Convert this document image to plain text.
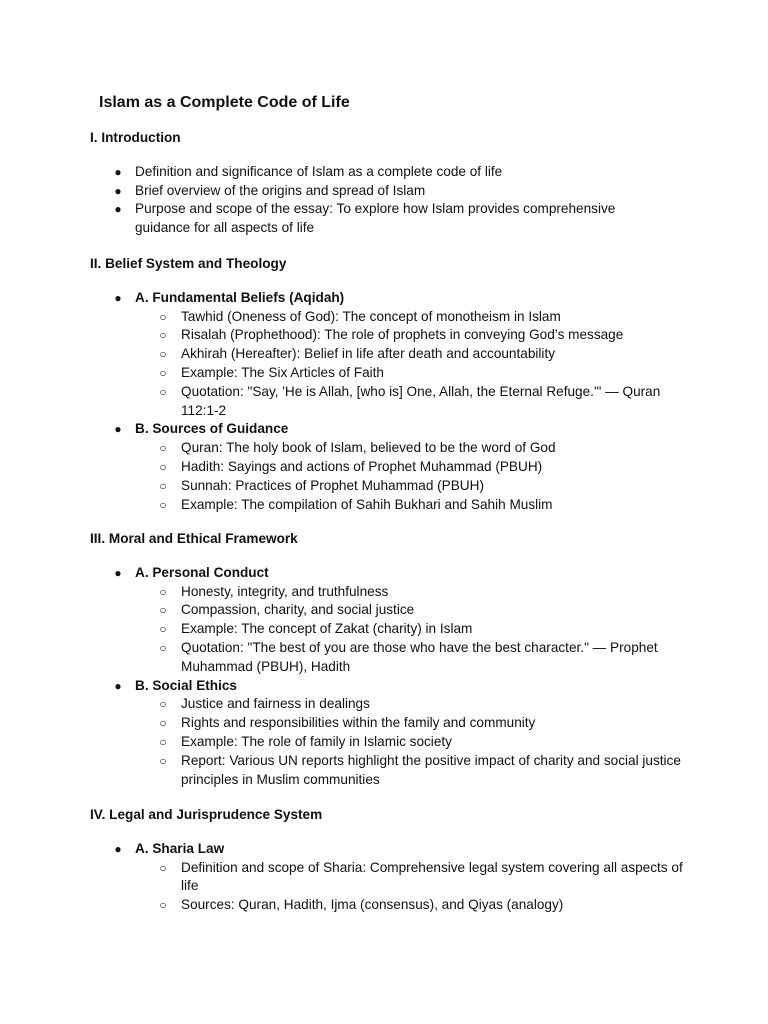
Islam as a Complete Code of Life

I. Introduction

● Definition and significance of Islam as a complete code of life
● Brief overview of the origins and spread of Islam
● Purpose and scope of the essay: To explore how Islam provides comprehensive guidance for all aspects of life

II. Belief System and Theology

● A. Fundamental Beliefs (Aqidah)
○ Tawhid (Oneness of God): The concept of monotheism in Islam
○ Risalah (Prophethood): The role of prophets in conveying God’s message
○ Akhirah (Hereafter): Belief in life after death and accountability
○ Example: The Six Articles of Faith
○ Quotation: "Say, 'He is Allah, [who is] One, Allah, the Eternal Refuge.'" — Quran 112:1-2
● B. Sources of Guidance
○ Quran: The holy book of Islam, believed to be the word of God
○ Hadith: Sayings and actions of Prophet Muhammad (PBUH)
○ Sunnah: Practices of Prophet Muhammad (PBUH)
○ Example: The compilation of Sahih Bukhari and Sahih Muslim

III. Moral and Ethical Framework

● A. Personal Conduct
○ Honesty, integrity, and truthfulness
○ Compassion, charity, and social justice
○ Example: The concept of Zakat (charity) in Islam
○ Quotation: "The best of you are those who have the best character." — Prophet Muhammad (PBUH), Hadith
● B. Social Ethics
○ Justice and fairness in dealings
○ Rights and responsibilities within the family and community
○ Example: The role of family in Islamic society
○ Report: Various UN reports highlight the positive impact of charity and social justice principles in Muslim communities

IV. Legal and Jurisprudence System

● A. Sharia Law
○ Definition and scope of Sharia: Comprehensive legal system covering all aspects of life
○ Sources: Quran, Hadith, Ijma (consensus), and Qiyas (analogy)
